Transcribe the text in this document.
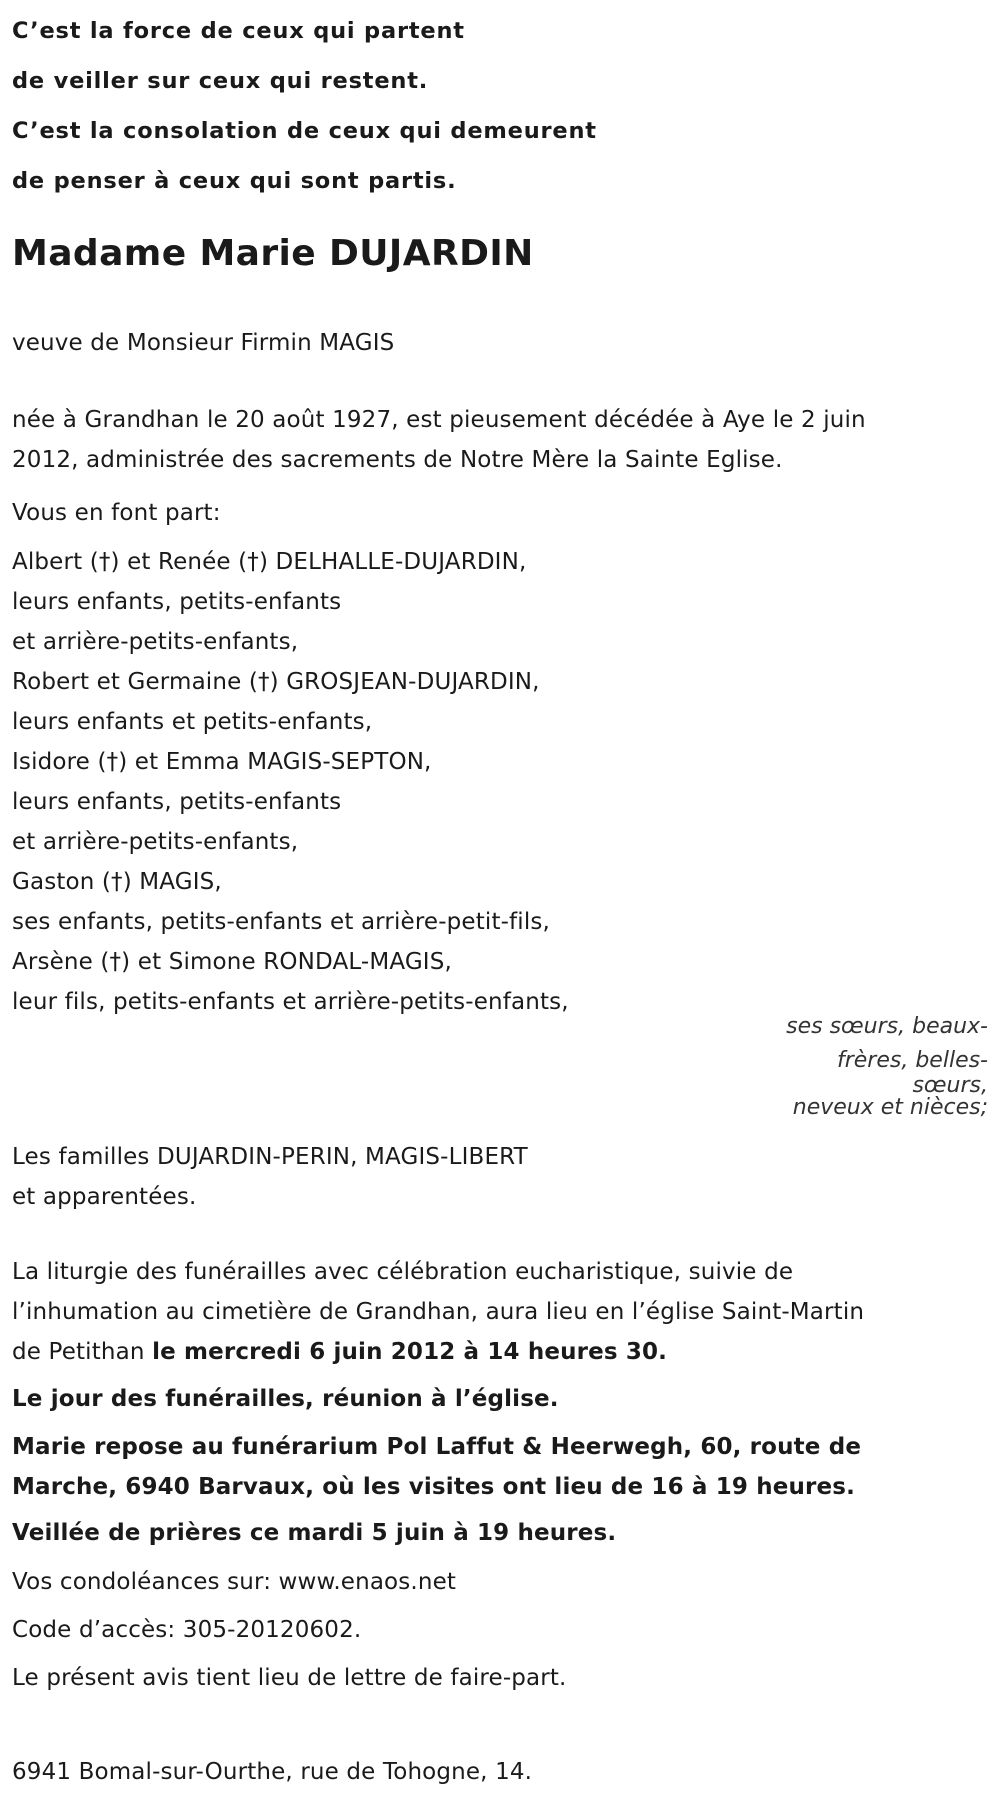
C’est la force de ceux qui partent
de veiller sur ceux qui restent.
C’est la consolation de ceux qui demeurent
de penser à ceux qui sont partis.
Madame Marie DUJARDIN
veuve de Monsieur Firmin MAGIS
née à Grandhan le 20 août 1927, est pieusement décédée à Aye le 2 juin
2012, administrée des sacrements de Notre Mère la Sainte Eglise.
Vous en font part:
Albert (†) et Renée (†) DELHALLE-DUJARDIN,
leurs enfants, petits-enfants
et arrière-petits-enfants,
Robert et Germaine (†) GROSJEAN-DUJARDIN,
leurs enfants et petits-enfants,
Isidore (†) et Emma MAGIS-SEPTON,
leurs enfants, petits-enfants
et arrière-petits-enfants,
Gaston (†) MAGIS,
ses enfants, petits-enfants et arrière-petit-fils,
Arsène (†) et Simone RONDAL-MAGIS,
leur fils, petits-enfants et arrière-petits-enfants,
ses sœurs, beaux-
frères, belles-
sœurs,
neveux et nièces;
Les familles DUJARDIN-PERIN, MAGIS-LIBERT
et apparentées.
La liturgie des funérailles avec célébration eucharistique, suivie de
l’inhumation au cimetière de Grandhan, aura lieu en l’église Saint-Martin
de Petithan le mercredi 6 juin 2012 à 14 heures 30.
Le jour des funérailles, réunion à l’église.
Marie repose au funérarium Pol Laffut & Heerwegh, 60, route de
Marche, 6940 Barvaux, où les visites ont lieu de 16 à 19 heures.
Veillée de prières ce mardi 5 juin à 19 heures.
Vos condoléances sur: www.enaos.net
Code d’accès: 305-20120602.
Le présent avis tient lieu de lettre de faire-part.
6941 Bomal-sur-Ourthe, rue de Tohogne, 14.
